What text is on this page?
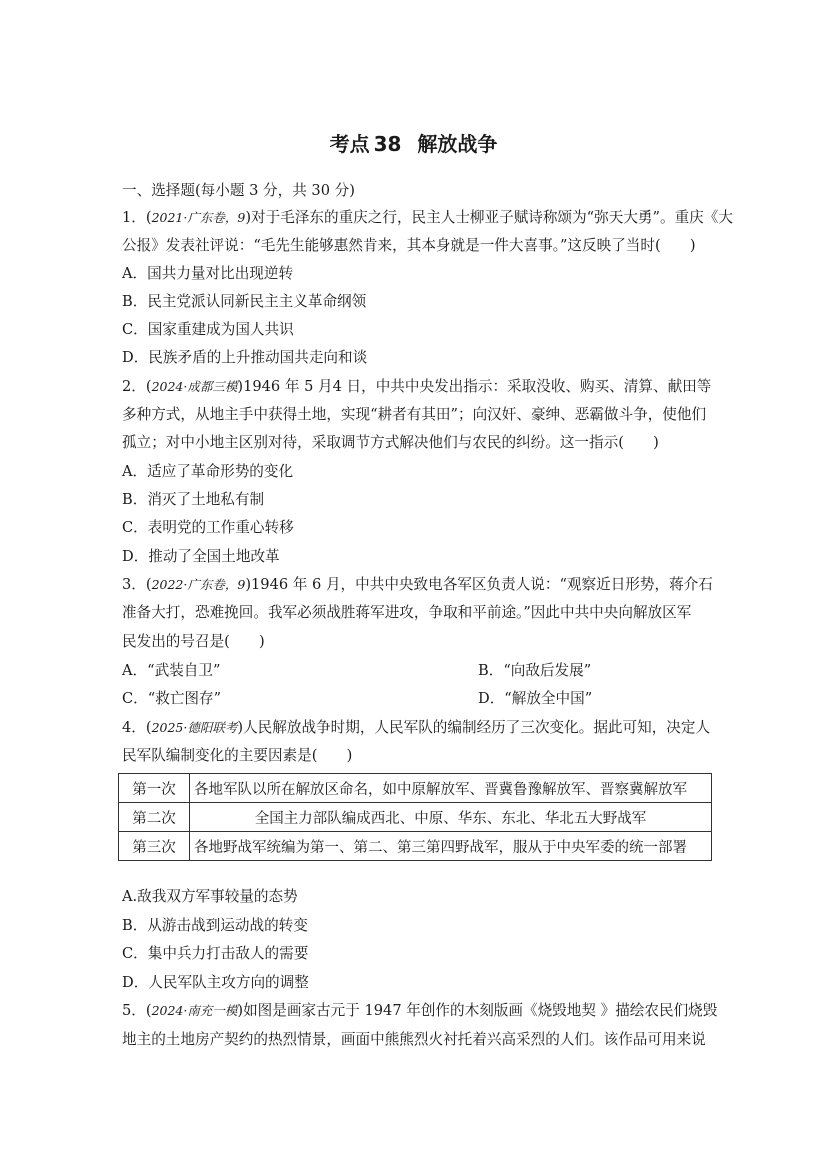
考点 38 解放战争
一、选择题(每小题 3 分，共 30 分)
1．(2021·广东卷，9)对于毛泽东的重庆之行，民主人士柳亚子赋诗称颂为“弥天大勇”。重庆《大
公报》发表社评说：“毛先生能够惠然肯来，其本身就是一件大喜事。”这反映了当时(　　)
A．国共力量对比出现逆转
B．民主党派认同新民主主义革命纲领
C．国家重建成为国人共识
D．民族矛盾的上升推动国共走向和谈
2．(2024·成都三模)1946 年 5 月4 日，中共中央发出指示：采取没收、购买、清算、献田等
多种方式，从地主手中获得土地，实现“耕者有其田”；向汉奸、豪绅、恶霸做斗争，使他们
孤立；对中小地主区别对待，采取调节方式解决他们与农民的纠纷。这一指示(　　)
A．适应了革命形势的变化
B．消灭了土地私有制
C．表明党的工作重心转移
D．推动了全国土地改革
3．(2022·广东卷，9)1946 年 6 月，中共中央致电各军区负责人说：“观察近日形势，蒋介石
准备大打，恐难挽回。我军必须战胜蒋军进攻，争取和平前途。”因此中共中央向解放区军
民发出的号召是(　　)
A．“武装自卫”	B．“向敌后发展”
C．“救亡图存”	D．“解放全中国”
4．(2025·德阳联考)人民解放战争时期，人民军队的编制经历了三次变化。据此可知，决定人
民军队编制变化的主要因素是(　　)
第一次	各地军队以所在解放区命名，如中原解放军、晋冀鲁豫解放军、晋察冀解放军
第二次	全国主力部队编成西北、中原、华东、东北、华北五大野战军
第三次	各地野战军统编为第一、第二、第三第四野战军，服从于中央军委的统一部署
A.敌我双方军事较量的态势
B．从游击战到运动战的转变
C．集中兵力打击敌人的需要
D．人民军队主攻方向的调整
5．(2024·南充一模)如图是画家古元于 1947 年创作的木刻版画《烧毁地契 》描绘农民们烧毁
地主的土地房产契约的热烈情景，画面中熊熊烈火衬托着兴高采烈的人们。该作品可用来说
